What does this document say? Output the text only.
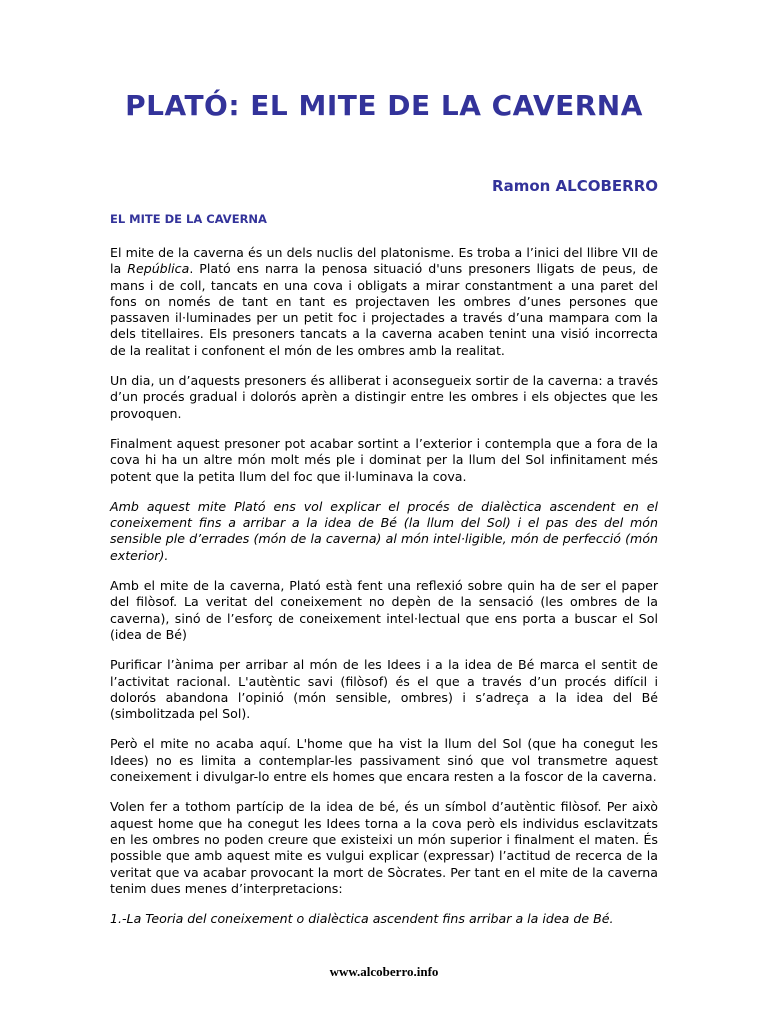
PLATÓ: EL MITE DE LA CAVERNA

Ramon ALCOBERRO

EL MITE DE LA CAVERNA

El mite de la caverna és un dels nuclis del platonisme. Es troba a l’inici del llibre VII de la República. Plató ens narra la penosa situació d'uns presoners lligats de peus, de mans i de coll, tancats en una cova i obligats a mirar constantment a una paret del fons on només de tant en tant es projectaven les ombres d’unes persones que passaven il·luminades per un petit foc i projectades a través d’una mampara com la dels titellaires. Els presoners tancats a la caverna acaben tenint una visió incorrecta de la realitat i confonent el món de les ombres amb la realitat.

Un dia, un d’aquests presoners és alliberat i aconsegueix sortir de la caverna: a través d’un procés gradual i dolorós aprèn a distingir entre les ombres i els objectes que les provoquen.

Finalment aquest presoner pot acabar sortint a l’exterior i contempla que a fora de la cova hi ha un altre món molt més ple i dominat per la llum del Sol infinitament més potent que la petita llum del foc que il·luminava la cova.

Amb aquest mite Plató ens vol explicar el procés de dialèctica ascendent en el coneixement fins a arribar a la idea de Bé (la llum del Sol) i el pas des del món sensible ple d’errades (món de la caverna) al món intel·ligible, món de perfecció (món exterior).

Amb el mite de la caverna, Plató està fent una reflexió sobre quin ha de ser el paper del filòsof. La veritat del coneixement no depèn de la sensació (les ombres de la caverna), sinó de l’esforç de coneixement intel·lectual que ens porta a buscar el Sol (idea de Bé)

Purificar l’ànima per arribar al món de les Idees i a la idea de Bé marca el sentit de l’activitat racional. L'autèntic savi (filòsof) és el que a través d’un procés difícil i dolorós abandona l’opinió (món sensible, ombres) i s’adreça a la idea del Bé (simbolitzada pel Sol).

Però el mite no acaba aquí. L'home que ha vist la llum del Sol (que ha conegut les Idees) no es limita a contemplar-les passivament sinó que vol transmetre aquest coneixement i divulgar-lo entre els homes que encara resten a la foscor de la caverna.

Volen fer a tothom partícip de la idea de bé, és un símbol d’autèntic filòsof. Per això aquest home que ha conegut les Idees torna a la cova però els individus esclavitzats en les ombres no poden creure que existeixi un món superior i finalment el maten. És possible que amb aquest mite es vulgui explicar (expressar) l’actitud de recerca de la veritat que va acabar provocant la mort de Sòcrates. Per tant en el mite de la caverna tenim dues menes d’interpretacions:

1.-La Teoria del coneixement o dialèctica ascendent fins arribar a la idea de Bé.

www.alcoberro.info
